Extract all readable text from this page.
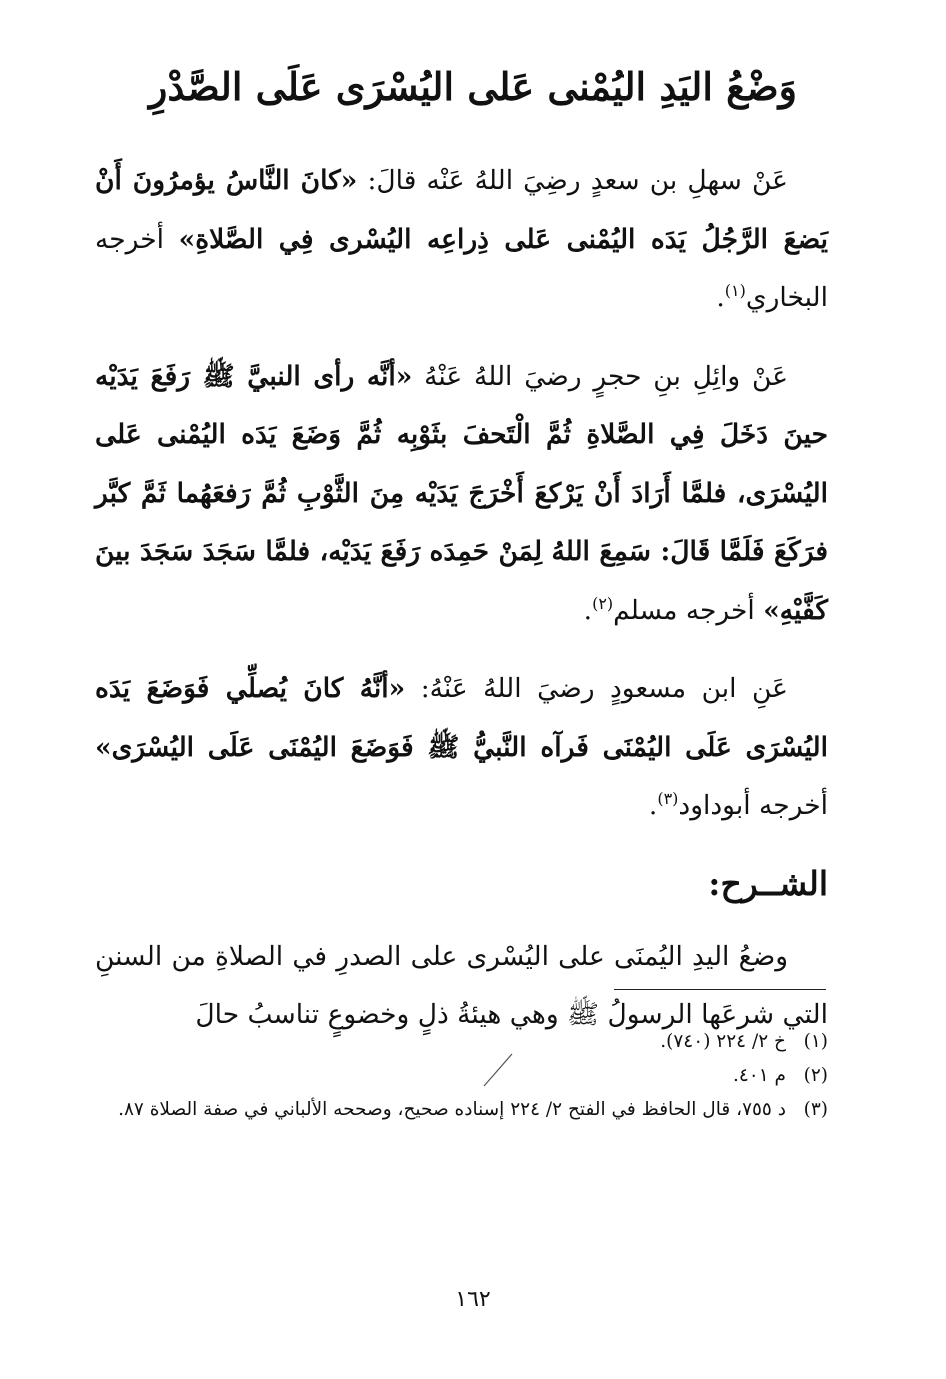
وَضْعُ اليَدِ اليُمْنى عَلى اليُسْرَى عَلَى الصَّدْرِ

عَنْ سهلِ بن سعدٍ رضِيَ اللهُ عَنْه قالَ: «كانَ النَّاسُ يؤمرُونَ أَنْ يَضعَ الرَّجُلُ يَدَه اليُمْنى عَلى ذِراعِه اليُسْرى فِي الصَّلاةِ» أخرجه البخاري$^{(١)}$.

عَنْ وائِلِ بنِ حجرٍ رضيَ اللهُ عَنْهُ «أنَّه رأى النبيَّ ﷺ رَفَعَ يَدَيْه حينَ دَخَلَ فِي الصَّلاةِ ثُمَّ الْتَحفَ بثَوْبِه ثُمَّ وَضَعَ يَدَه اليُمْنى عَلى اليُسْرَى، فلمَّا أَرَادَ أَنْ يَرْكعَ أَخْرَجَ يَدَيْه مِنَ الثَّوْبِ ثُمَّ رَفعَهُما ثَمَّ كبَّر فرَكَعَ فَلَمَّا قَالَ: سَمِعَ اللهُ لِمَنْ حَمِدَه رَفَعَ يَدَيْه، فلمَّا سَجَدَ سَجَدَ بينَ كَفَّيْهِ» أخرجه مسلم$^{(٢)}$.

عَنِ ابن مسعودٍ رضيَ اللهُ عَنْهُ: «أنَّهُ كانَ يُصلِّي فَوَضَعَ يَدَه اليُسْرَى عَلَى اليُمْنَى فَرآه النَّبيُّ ﷺ فَوَضَعَ اليُمْنَى عَلَى اليُسْرَى» أخرجه أبوداود$^{(٣)}$.

الشــرح:

وضعُ اليدِ اليُمنَى على اليُسْرى على الصدرِ في الصلاةِ من السننِ التي شرعَها الرسولُ ﷺ وهي هيئةُ ذلٍ وخضوعٍ تناسبُ حالَ

(١)
خ ٢/ ٢٢٤ (٧٤٠).
(٢)
م ٤٠١.
(٣)
د ٧٥٥، قال الحافظ في الفتح ٢/ ٢٢٤ إسناده صحيح، وصححه الألباني في صفة الصلاة ٨٧.
١٦٢
